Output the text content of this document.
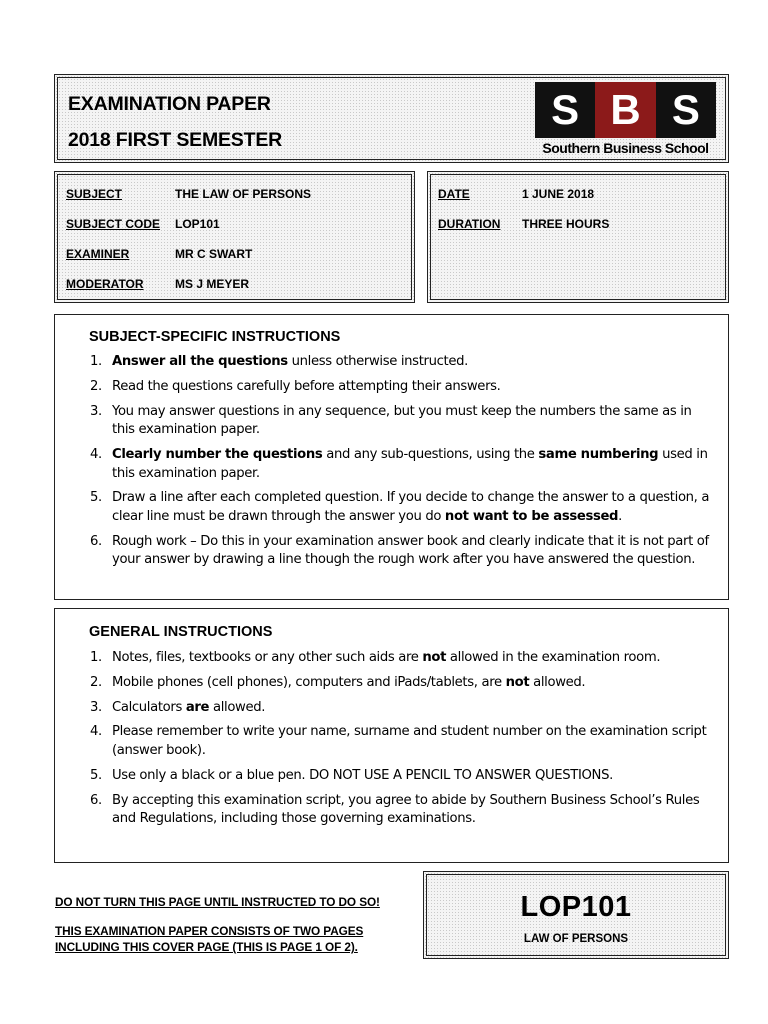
EXAMINATION PAPER
2018 FIRST SEMESTER
S B S
Southern Business School
SUBJECT	THE LAW OF PERSONS
SUBJECT CODE LOP101
EXAMINER	MR C SWART
MODERATOR	MS J MEYER
DATE	1 JUNE 2018
DURATION THREE HOURS
SUBJECT-SPECIFIC INSTRUCTIONS
1. Answer all the questions unless otherwise instructed.
2. Read the questions carefully before attempting their answers.
3. You may answer questions in any sequence, but you must keep the numbers the same as in this examination paper.
4. Clearly number the questions and any sub-questions, using the same numbering used in this examination paper.
5. Draw a line after each completed question. If you decide to change the answer to a question, a clear line must be drawn through the answer you do not want to be assessed.
6. Rough work – Do this in your examination answer book and clearly indicate that it is not part of your answer by drawing a line though the rough work after you have answered the question.
GENERAL INSTRUCTIONS
1. Notes, files, textbooks or any other such aids are not allowed in the examination room.
2. Mobile phones (cell phones), computers and iPads/tablets, are not allowed.
3. Calculators are allowed.
4. Please remember to write your name, surname and student number on the examination script (answer book).
5. Use only a black or a blue pen. DO NOT USE A PENCIL TO ANSWER QUESTIONS.
6. By accepting this examination script, you agree to abide by Southern Business School’s Rules and Regulations, including those governing examinations.
DO NOT TURN THIS PAGE UNTIL INSTRUCTED TO DO SO!
THIS EXAMINATION PAPER CONSISTS OF TWO PAGES
INCLUDING THIS COVER PAGE (THIS IS PAGE 1 OF 2).
LOP101
LAW OF PERSONS
